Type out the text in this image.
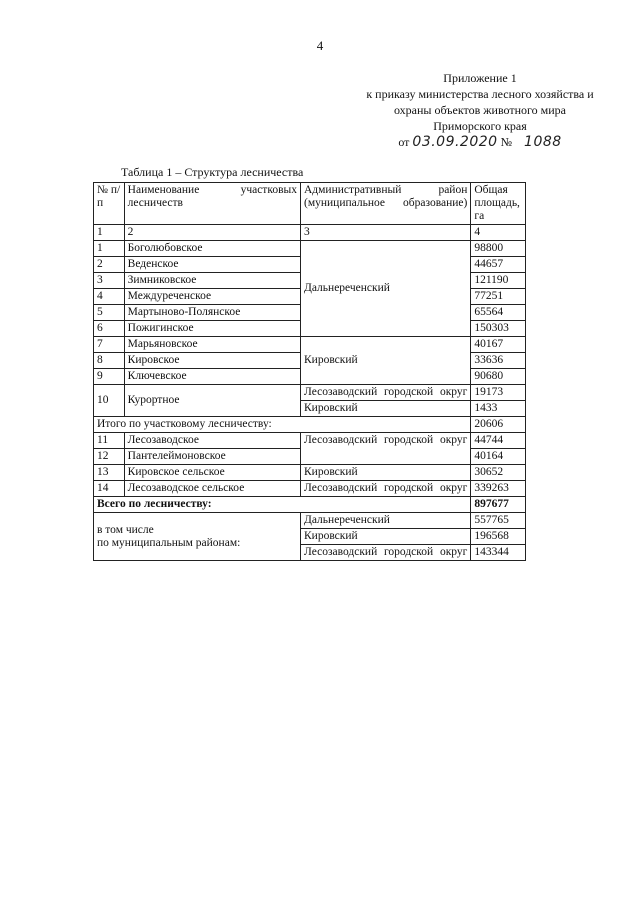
4
Приложение 1
к приказу министерства лесного хозяйства и
охраны объектов животного мира
Приморского края
от 03.09.2020 № 1088
Таблица 1 – Структура лесничества
№ п/п	Наименование участковых лесничеств	Административный район (муниципальное образование)	Общая площадь, га
1	2	3	4
1	Боголюбовское	Дальнереченский	98800
2	Веденское		44657
3	Зимниковское		121190
4	Междуреченское		77251
5	Мартыново-Полянское		65564
6	Пожигинское		150303
7	Марьяновское	Кировский	40167
8	Кировское		33636
9	Ключевское		90680
10	Курортное	Лесозаводский городской округ	19173
		Кировский	1433
Итого по участковому лесничеству:			20606
11	Лесозаводское	Лесозаводский городской округ	44744
12	Пантелеймоновское		40164
13	Кировское сельское	Кировский	30652
14	Лесозаводское сельское	Лесозаводский городской округ	339263
Всего по лесничеству:			897677

в том числе
по муниципальным районам:		Дальнереченский	557765
		Кировский	196568
		Лесозаводский городской округ	143344
